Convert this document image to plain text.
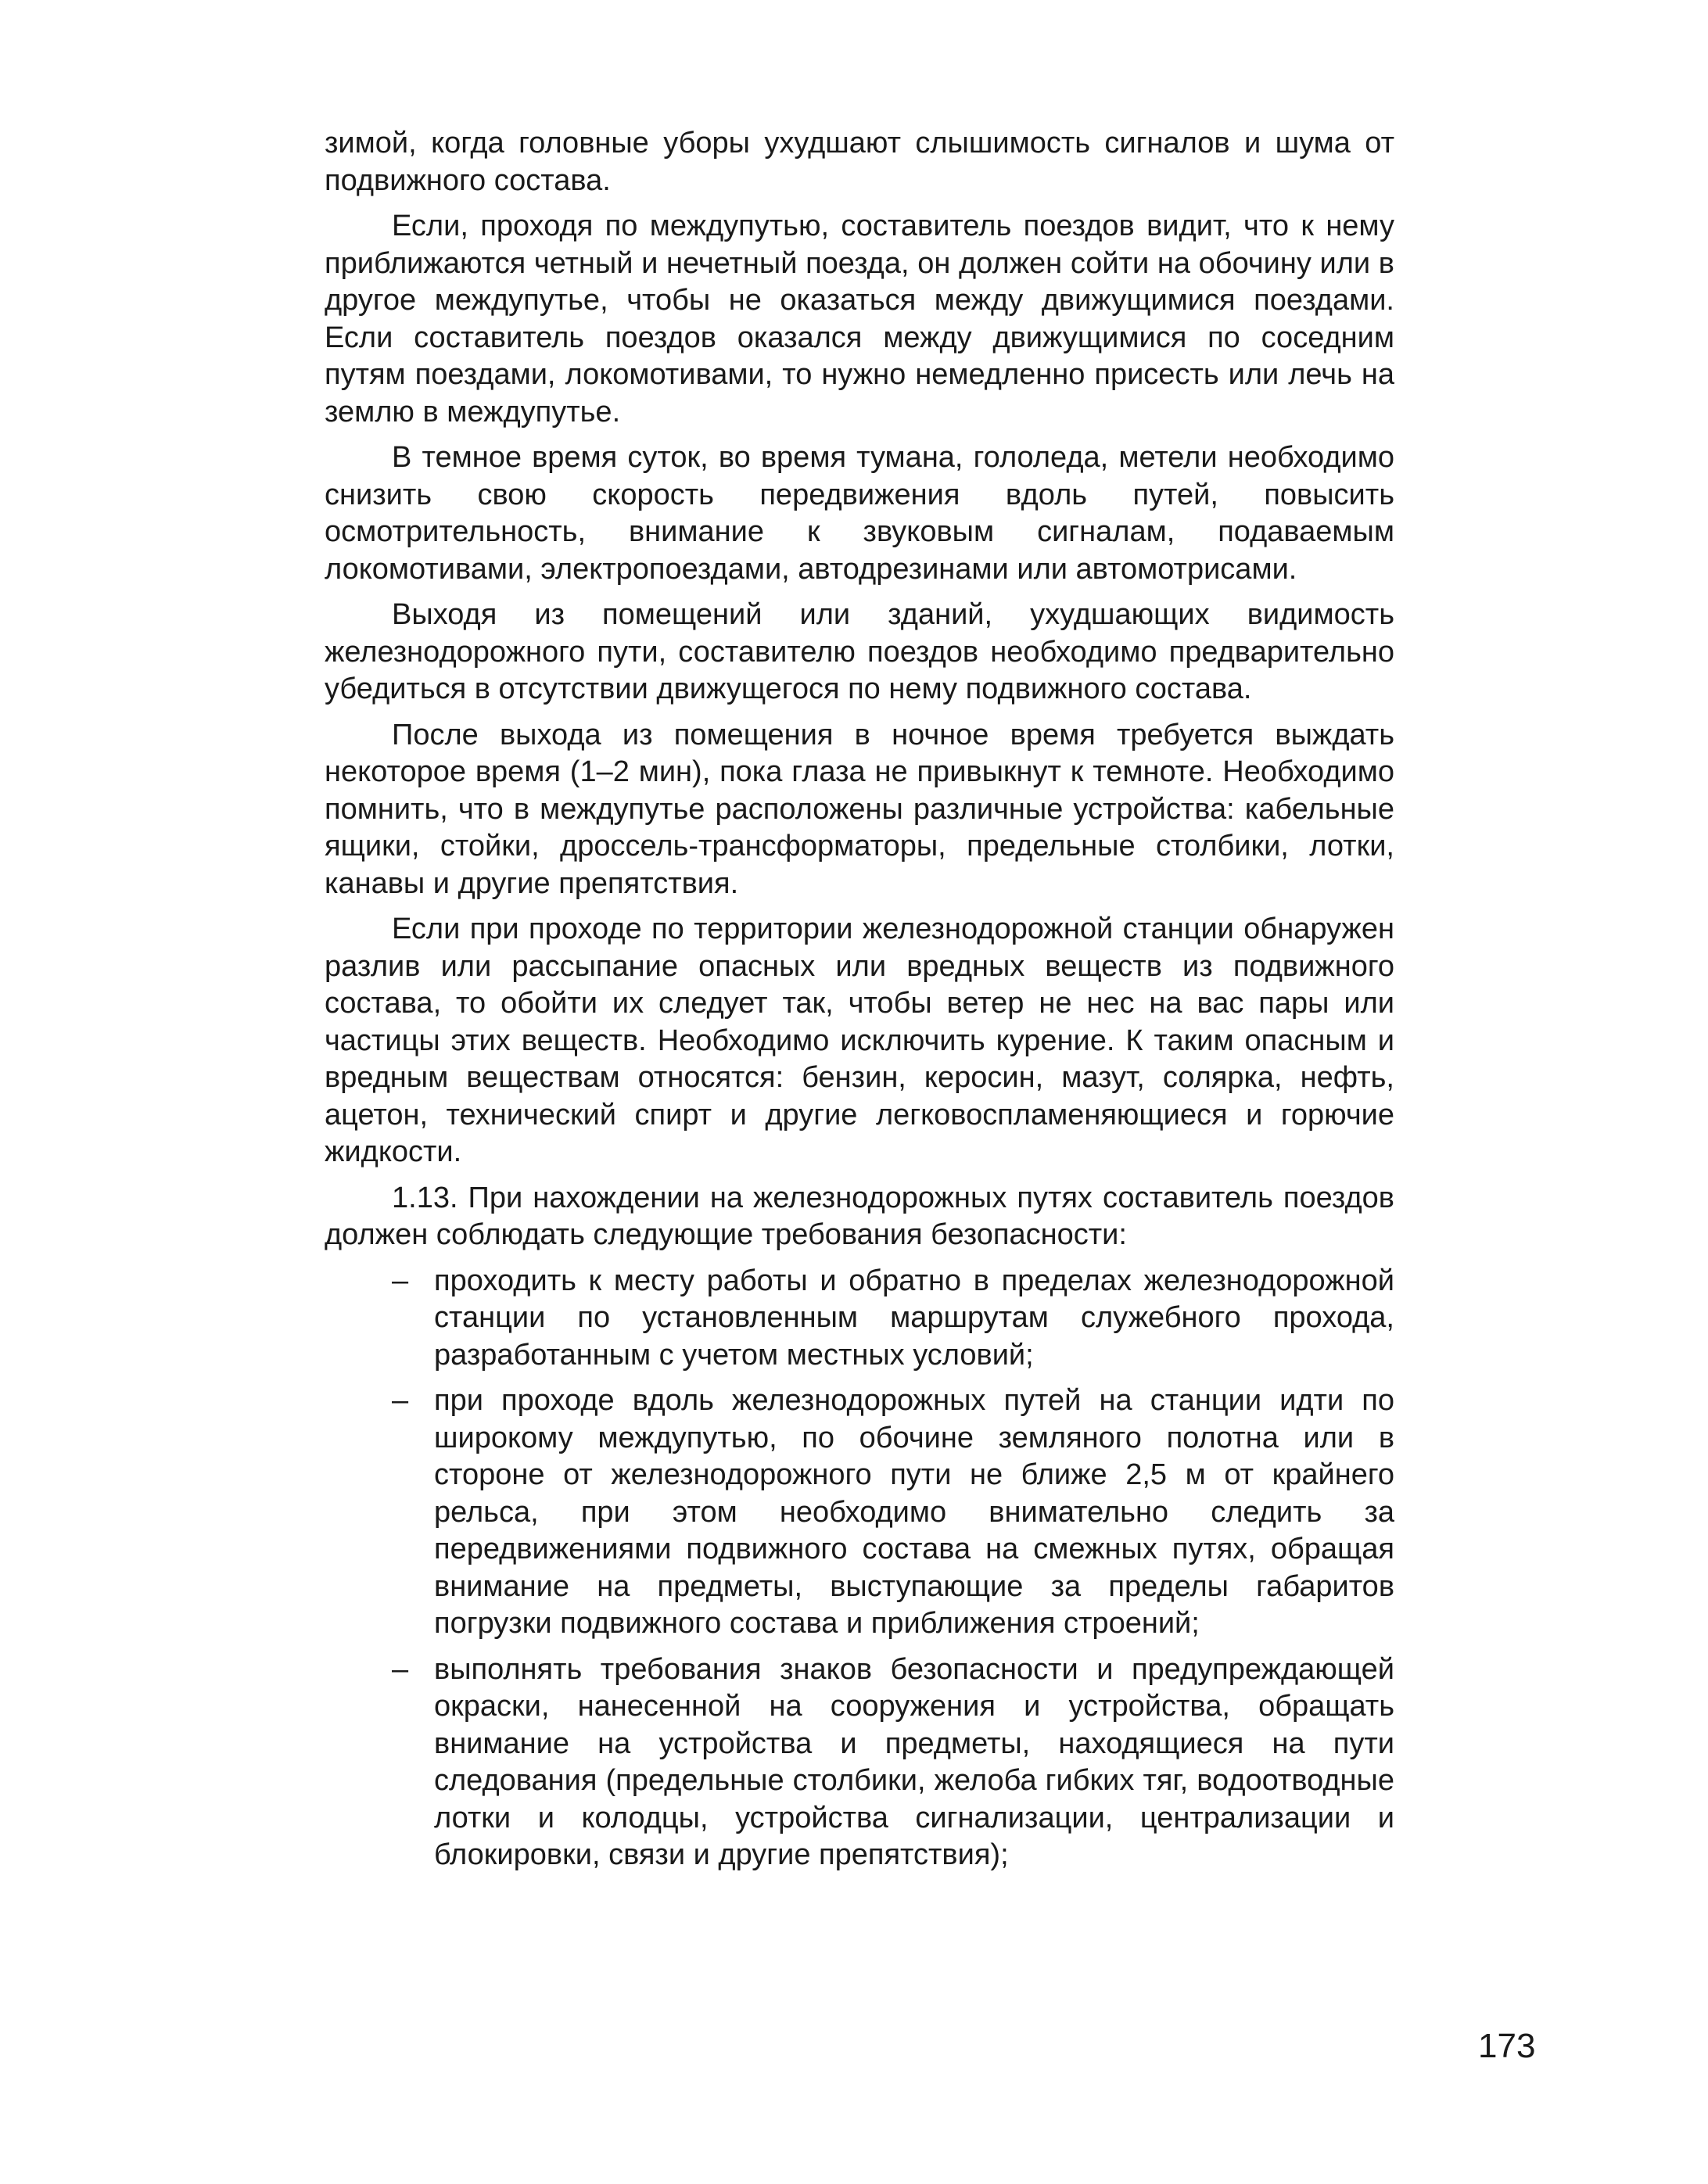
зимой, когда головные уборы ухудшают слышимость сигналов и шума от подвижного состава.

Если, проходя по междупутью, составитель поездов видит, что к нему приближаются четный и нечетный поезда, он должен сойти на обочину или в другое междупутье, чтобы не оказаться между движущимися поездами. Если составитель поездов оказался между движущимися по соседним путям поездами, локомотивами, то нужно немедленно присесть или лечь на землю в междупутье.

В темное время суток, во время тумана, гололеда, метели необходимо снизить свою скорость передвижения вдоль путей, повысить осмотрительность, внимание к звуковым сигналам, подаваемым локомотивами, электропоездами, автодрезинами или автомотрисами.

Выходя из помещений или зданий, ухудшающих видимость железнодорожного пути, составителю поездов необходимо предварительно убедиться в отсутствии движущегося по нему подвижного состава.

После выхода из помещения в ночное время требуется выждать некоторое время (1–2 мин), пока глаза не привыкнут к темноте. Необходимо помнить, что в междупутье расположены различные устройства: кабельные ящики, стойки, дроссель-трансформаторы, предельные столбики, лотки, канавы и другие препятствия.

Если при проходе по территории железнодорожной станции обнаружен разлив или рассыпание опасных или вредных веществ из подвижного состава, то обойти их следует так, чтобы ветер не нес на вас пары или частицы этих веществ. Необходимо исключить курение. К таким опасным и вредным веществам относятся: бензин, керосин, мазут, солярка, нефть, ацетон, технический спирт и другие легковоспламеняющиеся и горючие жидкости.

1.13. При нахождении на железнодорожных путях составитель поездов должен соблюдать следующие требования безопасности:

– проходить к месту работы и обратно в пределах железнодорожной станции по установленным маршрутам служебного прохода, разработанным с учетом местных условий;
– при проходе вдоль железнодорожных путей на станции идти по широкому междупутью, по обочине земляного полотна или в стороне от железнодорожного пути не ближе 2,5 м от крайнего рельса, при этом необходимо внимательно следить за передвижениями подвижного состава на смежных путях, обращая внимание на предметы, выступающие за пределы габаритов погрузки подвижного состава и приближения строений;
– выполнять требования знаков безопасности и предупреждающей окраски, нанесенной на сооружения и устройства, обращать внимание на устройства и предметы, находящиеся на пути следования (предельные столбики, желоба гибких тяг, водоотводные лотки и колодцы, устройства сигнализации, централизации и блокировки, связи и другие препятствия);
173
